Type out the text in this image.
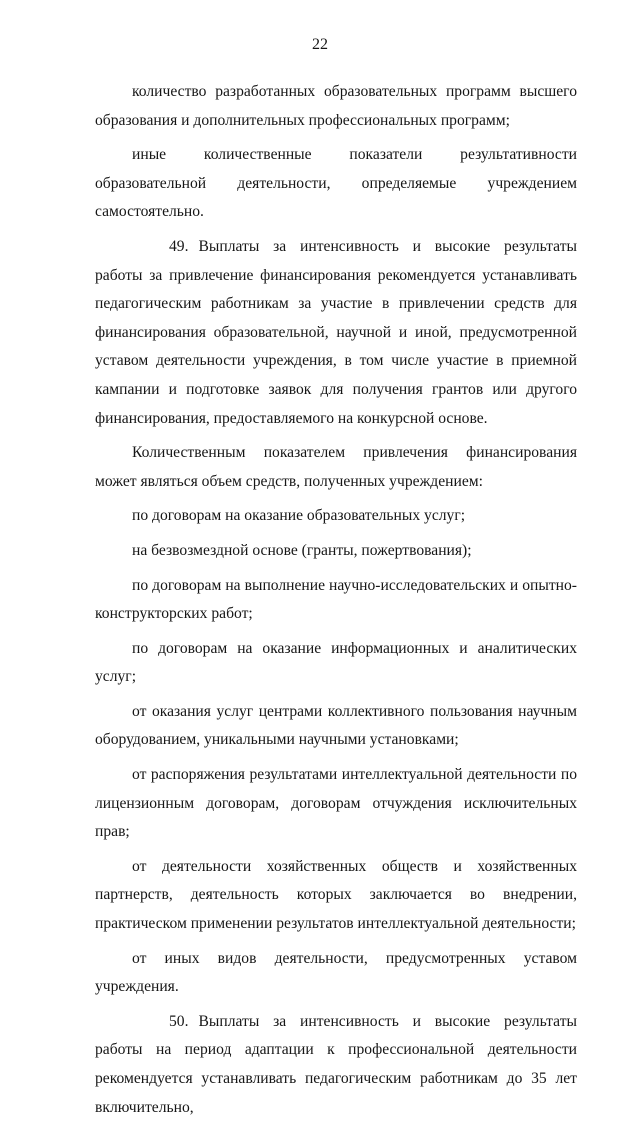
22

количество разработанных образовательных программ высшего образования и дополнительных профессиональных программ;

иные количественные показатели результативности образовательной деятельности, определяемые учреждением самостоятельно.

49. Выплаты за интенсивность и высокие результаты работы за привлечение финансирования рекомендуется устанавливать педагогическим работникам за участие в привлечении средств для финансирования образовательной, научной и иной, предусмотренной уставом деятельности учреждения, в том числе участие в приемной кампании и подготовке заявок для получения грантов или другого финансирования, предоставляемого на конкурсной основе.

Количественным показателем привлечения финансирования может являться объем средств, полученных учреждением:

по договорам на оказание образовательных услуг;

на безвозмездной основе (гранты, пожертвования);

по договорам на выполнение научно-исследовательских и опытно-конструкторских работ;

по договорам на оказание информационных и аналитических услуг;

от оказания услуг центрами коллективного пользования научным оборудованием, уникальными научными установками;

от распоряжения результатами интеллектуальной деятельности по лицензионным договорам, договорам отчуждения исключительных прав;

от деятельности хозяйственных обществ и хозяйственных партнерств, деятельность которых заключается во внедрении, практическом применении результатов интеллектуальной деятельности;

от иных видов деятельности, предусмотренных уставом учреждения.

50. Выплаты за интенсивность и высокие результаты работы на период адаптации к профессиональной деятельности рекомендуется устанавливать педагогическим работникам до 35 лет включительно,
